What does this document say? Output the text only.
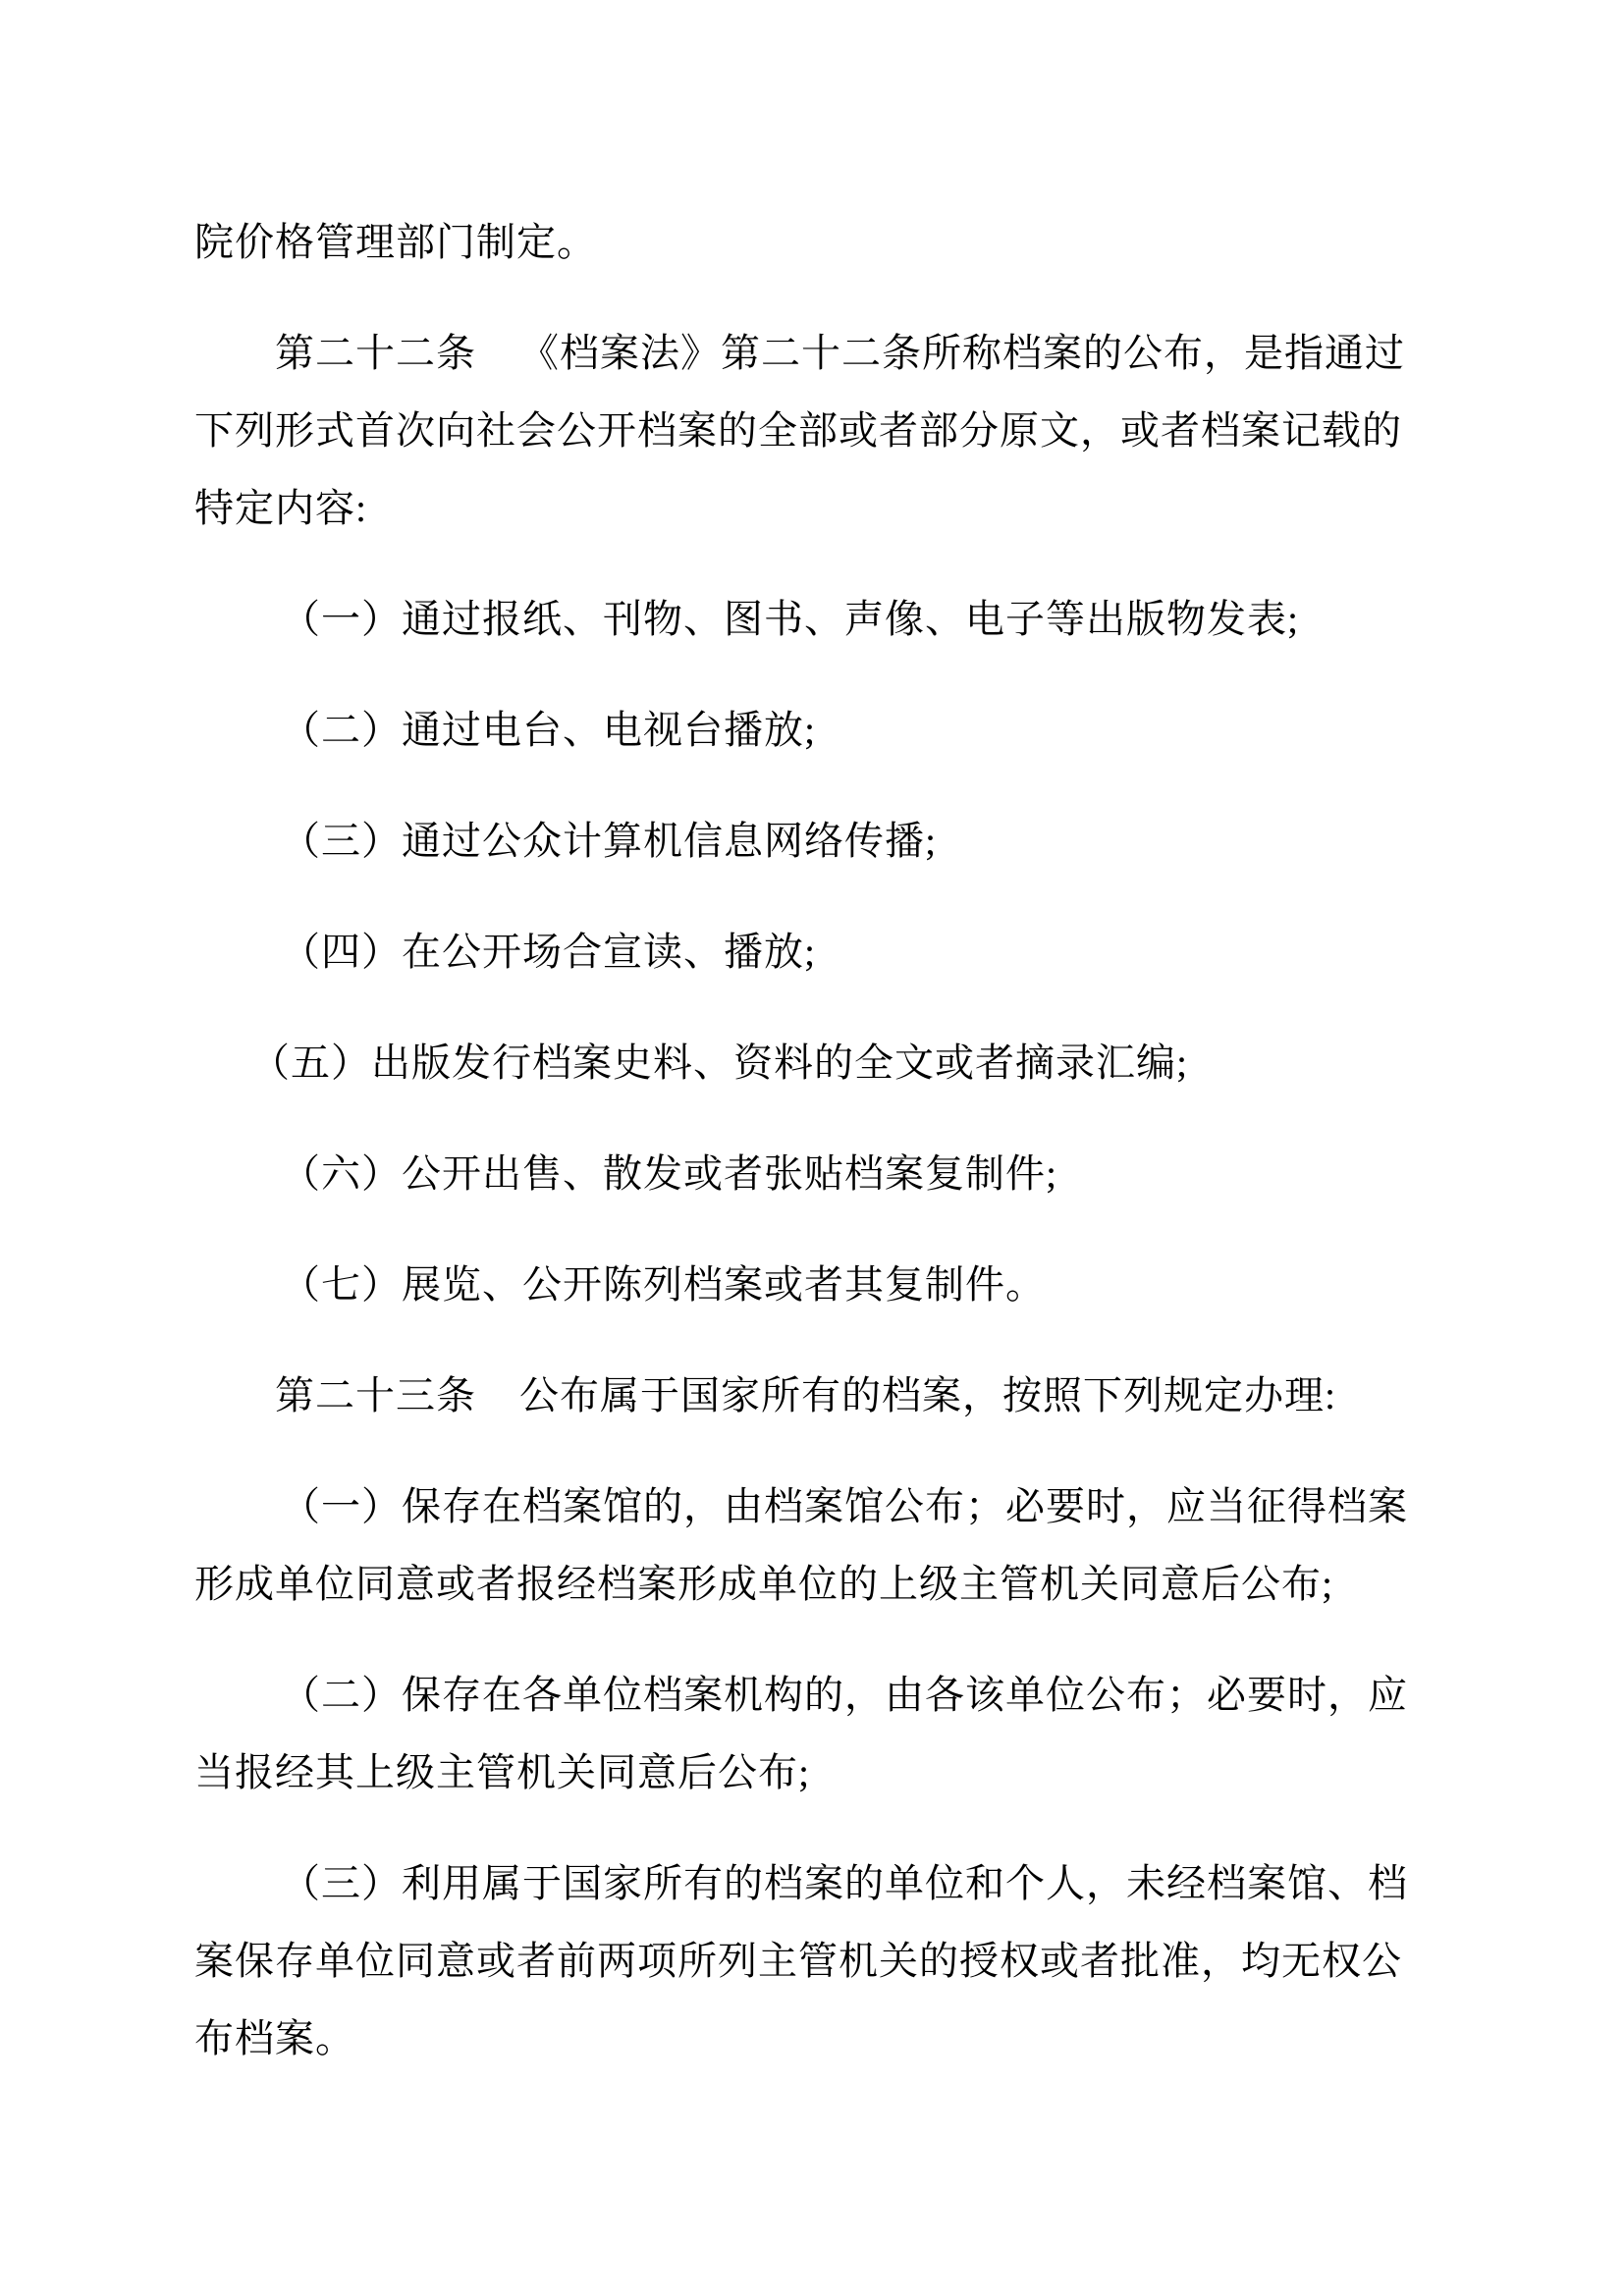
院价格管理部门制定。

第二十二条 《档案法》第二十二条所称档案的公布，是指通过
下列形式首次向社会公开档案的全部或者部分原文，或者档案记载的
特定内容:

（一）通过报纸、刊物、图书、声像、电子等出版物发表;

（二）通过电台、电视台播放;

（三）通过公众计算机信息网络传播;

（四）在公开场合宣读、播放;

（五）出版发行档案史料、资料的全文或者摘录汇编;

（六）公开出售、散发或者张贴档案复制件;

（七）展览、公开陈列档案或者其复制件。

第二十三条 公布属于国家所有的档案，按照下列规定办理:

（一）保存在档案馆的，由档案馆公布；必要时，应当征得档案
形成单位同意或者报经档案形成单位的上级主管机关同意后公布;

（二）保存在各单位档案机构的，由各该单位公布；必要时，应
当报经其上级主管机关同意后公布;

（三）利用属于国家所有的档案的单位和个人，未经档案馆、档
案保存单位同意或者前两项所列主管机关的授权或者批准，均无权公
布档案。
